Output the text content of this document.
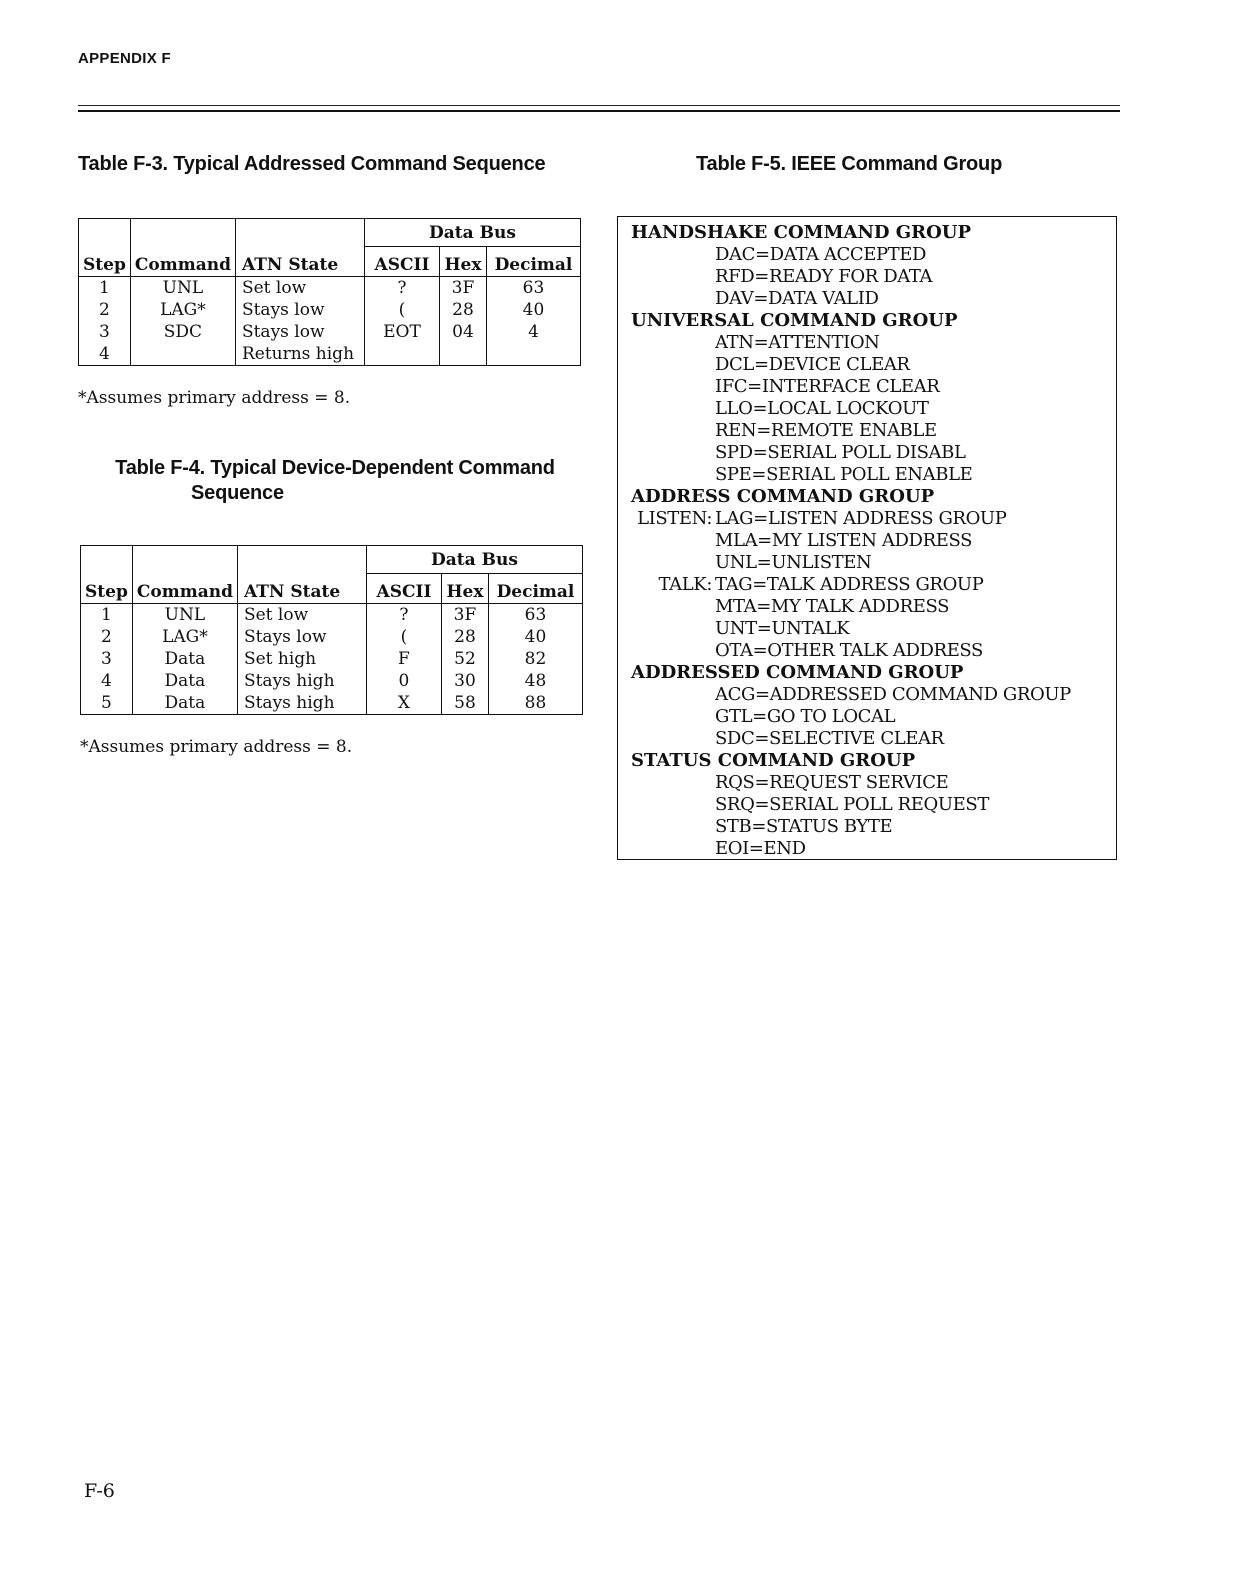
APPENDIX F
Table F-3. Typical Addressed Command Sequence
			Data Bus		
Step	Command	ATN State	ASCII	Hex	Decimal
1	UNL	Set low	?	3F	63
2	LAG*	Stays low	(	28	40
3	SDC	Stays low	EOT	04	4
4		Returns high			
*Assumes primary address = 8.
Table F-4. Typical Device-Dependent Command
Sequence
			Data Bus		
Step	Command	ATN State	ASCII	Hex	Decimal
1	UNL	Set low	?	3F	63
2	LAG*	Stays low	(	28	40
3	Data	Set high	F	52	82
4	Data	Stays high	0	30	48
5	Data	Stays high	X	58	88
*Assumes primary address = 8.
Table F-5. IEEE Command Group
HANDSHAKE COMMAND GROUP
DAC=DATA ACCEPTED
RFD=READY FOR DATA
DAV=DATA VALID
UNIVERSAL COMMAND GROUP
ATN=ATTENTION
DCL=DEVICE CLEAR
IFC=INTERFACE CLEAR
LLO=LOCAL LOCKOUT
REN=REMOTE ENABLE
SPD=SERIAL POLL DISABL
SPE=SERIAL POLL ENABLE
ADDRESS COMMAND GROUP
LISTEN: LAG=LISTEN ADDRESS GROUP
MLA=MY LISTEN ADDRESS
UNL=UNLISTEN
TALK: TAG=TALK ADDRESS GROUP
MTA=MY TALK ADDRESS
UNT=UNTALK
OTA=OTHER TALK ADDRESS
ADDRESSED COMMAND GROUP
ACG=ADDRESSED COMMAND GROUP
GTL=GO TO LOCAL
SDC=SELECTIVE CLEAR
STATUS COMMAND GROUP
RQS=REQUEST SERVICE
SRQ=SERIAL POLL REQUEST
STB=STATUS BYTE
EOI=END
F-6
